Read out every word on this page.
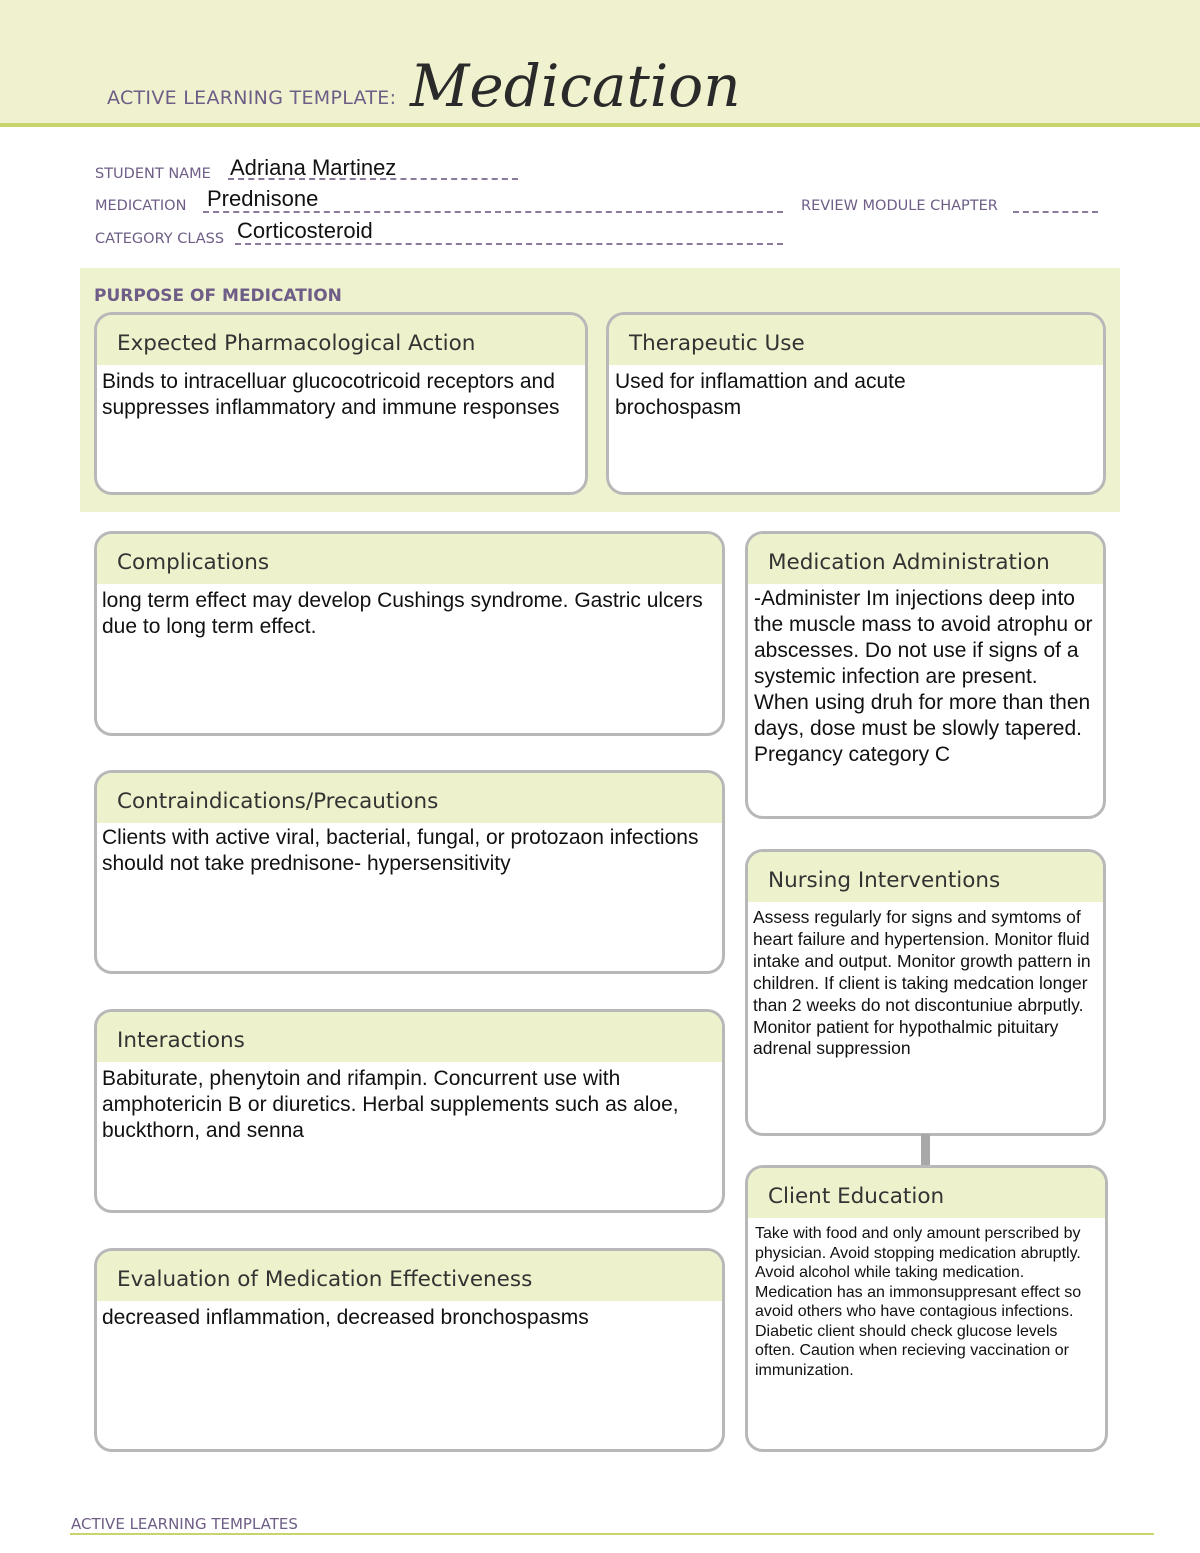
ACTIVE LEARNING TEMPLATE: Medication
STUDENT NAME Adriana Martinez
MEDICATION Prednisone	REVIEW MODULE CHAPTER
CATEGORY CLASS Corticosteroid
PURPOSE OF MEDICATION
Expected Pharmacological Action
Binds to intracelluar glucocotricoid receptors and suppresses inflammatory and immune responses
Therapeutic Use
Used for inflamattion and acute brochospasm
Complications
long term effect may develop Cushings syndrome. Gastric ulcers due to long term effect.
Contraindications/Precautions
Clients with active viral, bacterial, fungal, or protozaon infections should not take prednisone- hypersensitivity
Interactions
Babiturate, phenytoin and rifampin. Concurrent use with amphotericin B or diuretics. Herbal supplements such as aloe, buckthorn, and senna
Evaluation of Medication Effectiveness
decreased inflammation, decreased bronchospasms
Medication Administration
-Administer Im injections deep into the muscle mass to avoid atrophu or abscesses. Do not use if signs of a systemic infection are present. When using druh for more than then days, dose must be slowly tapered. Pregancy category C
Nursing Interventions
Assess regularly for signs and symtoms of heart failure and hypertension. Monitor fluid intake and output. Monitor growth pattern in children. If client is taking medcation longer than 2 weeks do not discontuniue abrputly. Monitor patient for hypothalmic pituitary adrenal suppression
Client Education
Take with food and only amount perscribed by physician. Avoid stopping medication abruptly. Avoid alcohol while taking medication. Medication has an immonsuppresant effect so avoid others who have contagious infections. Diabetic client should check glucose levels often. Caution when recieving vaccination or immunization.
ACTIVE LEARNING TEMPLATES
